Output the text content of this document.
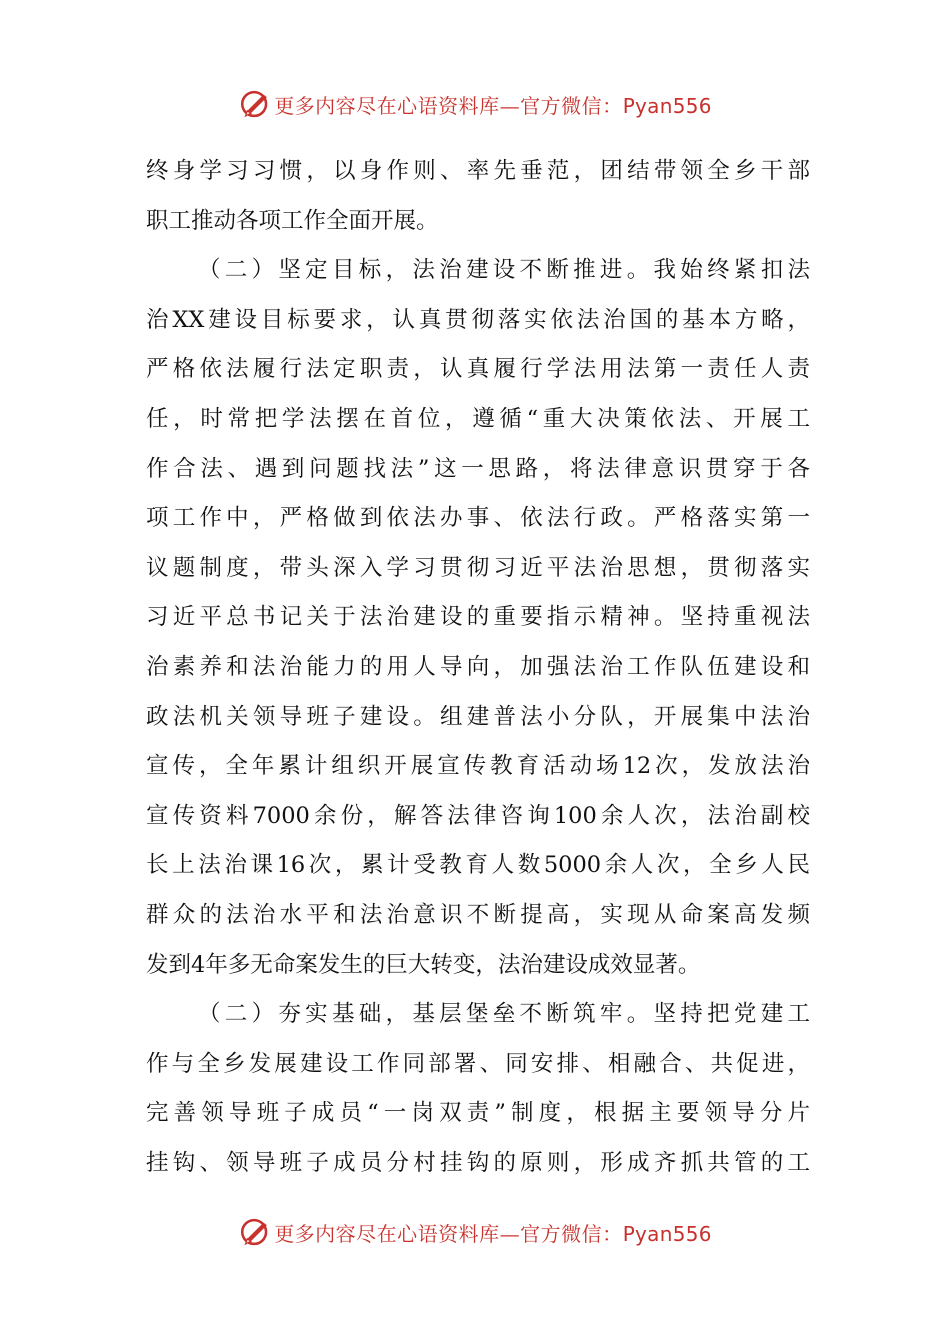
更多内容尽在心语资料库—官方微信：Pyan556
终身学习习惯，以身作则、率先垂范，团结带领全乡干部
职工推动各项工作全面开展。
（二）坚定目标，法治建设不断推进。我始终紧扣法
治XX建设目标要求，认真贯彻落实依法治国的基本方略，
严格依法履行法定职责，认真履行学法用法第一责任人责
任，时常把学法摆在首位，遵循“重大决策依法、开展工
作合法、遇到问题找法”这一思路，将法律意识贯穿于各
项工作中，严格做到依法办事、依法行政。严格落实第一
议题制度，带头深入学习贯彻习近平法治思想，贯彻落实
习近平总书记关于法治建设的重要指示精神。坚持重视法
治素养和法治能力的用人导向，加强法治工作队伍建设和
政法机关领导班子建设。组建普法小分队，开展集中法治
宣传，全年累计组织开展宣传教育活动场12次，发放法治
宣传资料7000余份，解答法律咨询100余人次，法治副校
长上法治课16次，累计受教育人数5000余人次，全乡人民
群众的法治水平和法治意识不断提高，实现从命案高发频
发到4年多无命案发生的巨大转变，法治建设成效显著。
（二）夯实基础，基层堡垒不断筑牢。坚持把党建工
作与全乡发展建设工作同部署、同安排、相融合、共促进，
完善领导班子成员“一岗双责”制度，根据主要领导分片
挂钩、领导班子成员分村挂钩的原则，形成齐抓共管的工
更多内容尽在心语资料库—官方微信：Pyan556
